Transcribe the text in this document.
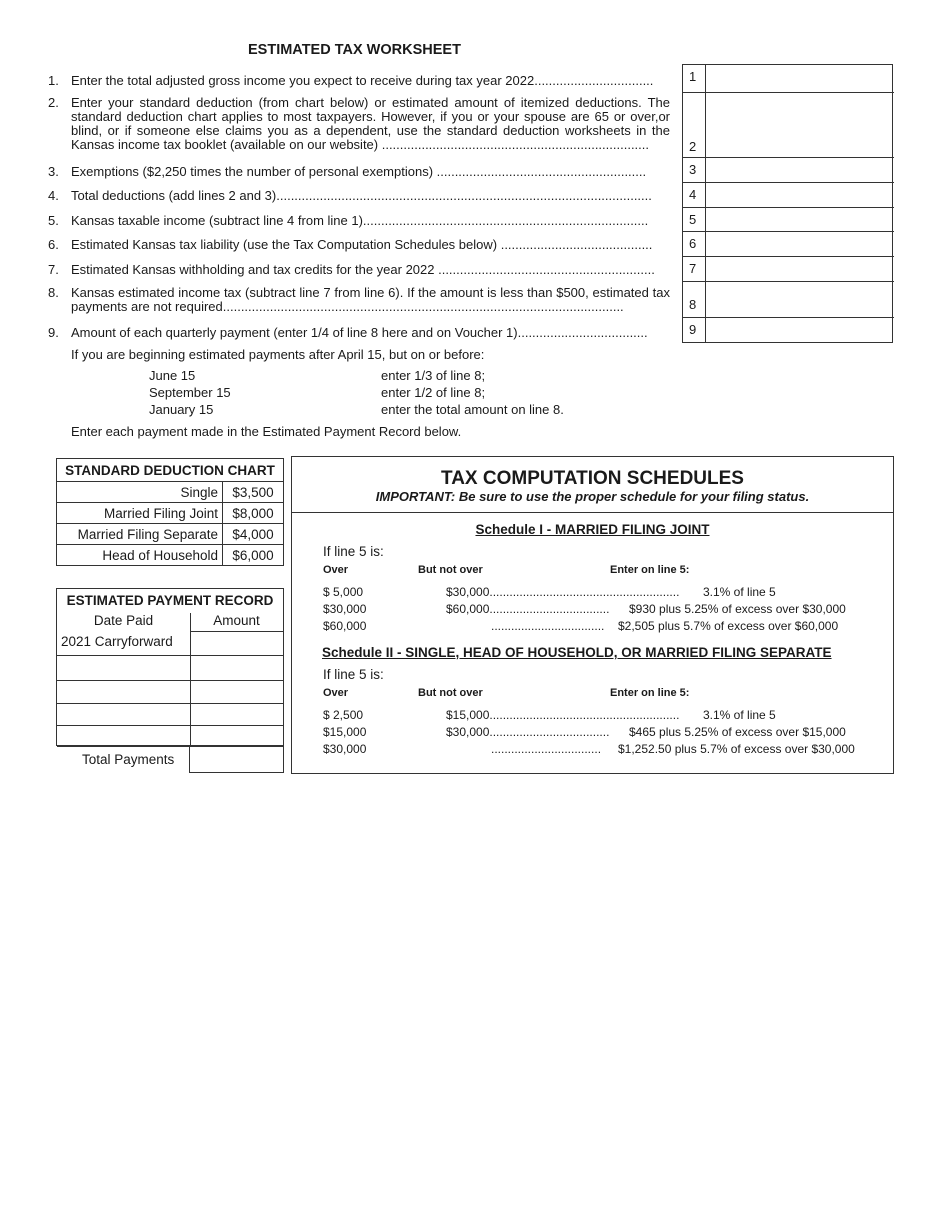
ESTIMATED TAX WORKSHEET
1. Enter the total adjusted gross income you expect to receive during tax year 2022.................................
2. Enter your standard deduction (from chart below) or estimated amount of itemized deductions. The standard deduction chart applies to most taxpayers. However, if you or your spouse are 65 or over,or blind, or if someone else claims you as a dependent, use the standard deduction worksheets in the Kansas income tax booklet (available on our website) ..........................................................................
3. Exemptions ($2,250 times the number of personal exemptions) ..........................................................
4. Total deductions (add lines 2 and 3)........................................................................................................
5. Kansas taxable income (subtract line 4 from line 1)...............................................................................
6. Estimated Kansas tax liability (use the Tax Computation Schedules below) ..........................................
7. Estimated Kansas withholding and tax credits for the year 2022 ............................................................
8. Kansas estimated income tax (subtract line 7 from line 6). If the amount is less than $500, estimated tax payments are not required...............................................................................................................
9. Amount of each quarterly payment (enter 1/4 of line 8 here and on Voucher 1)....................................
1
2
3
4
5
6
7
8
9
If you are beginning estimated payments after April 15, but on or before:
June 15	enter 1/3 of line 8;
September 15	enter 1/2 of line 8;
January 15	enter the total amount on line 8.
Enter each payment made in the Estimated Payment Record below.
STANDARD DEDUCTION CHART	
Single	$3,500
Married Filing Joint	$8,000
Married Filing Separate	$4,000
Head of Household	$6,000
ESTIMATED PAYMENT RECORD
Date Paid	Amount
2021 Carryforward
Total Payments
TAX COMPUTATION SCHEDULES
IMPORTANT: Be sure to use the proper schedule for your filing status.
Schedule I - MARRIED FILING JOINT
If line 5 is:
Over	But not over	Enter on line 5:
$ 5,000	$30,000.........................................................	3.1% of line 5
$30,000	$60,000....................................	$930 plus 5.25% of excess over $30,000
$60,000	..................................	$2,505 plus 5.7% of excess over $60,000
Schedule II - SINGLE, HEAD OF HOUSEHOLD, OR MARRIED FILING SEPARATE
If line 5 is:
Over	But not over	Enter on line 5:
$ 2,500	$15,000.........................................................	3.1% of line 5
$15,000	$30,000....................................	$465 plus 5.25% of excess over $15,000
$30,000	.................................	$1,252.50 plus 5.7% of excess over $30,000
